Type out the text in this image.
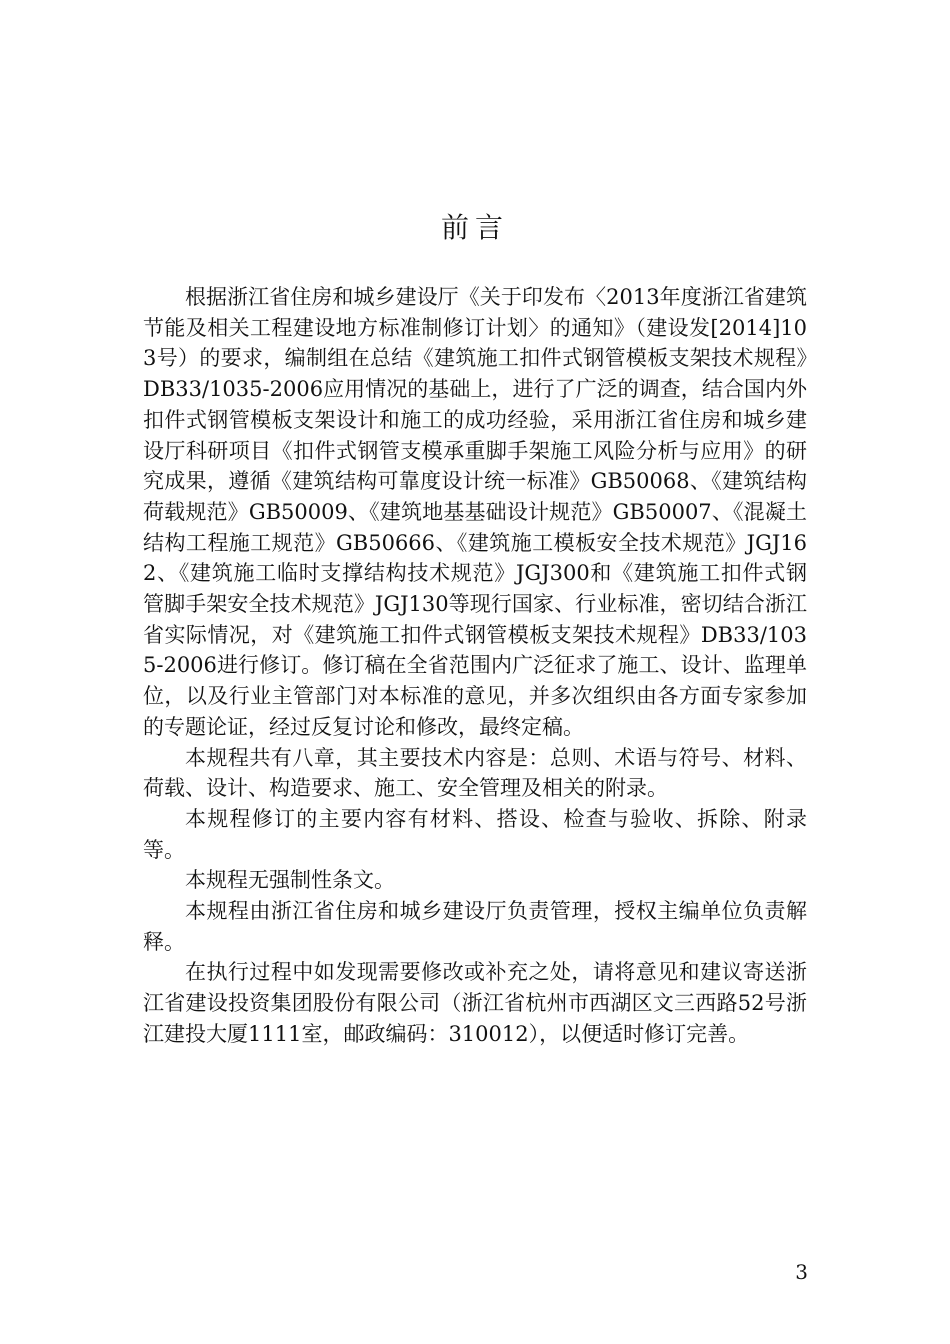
前言

根据浙江省住房和城乡建设厅《关于印发布〈2013年度浙江省建筑节能及相关工程建设地方标准制修订计划〉的通知》（建设发[2014]103号）的要求，编制组在总结《建筑施工扣件式钢管模板支架技术规程》DB33/1035-2006应用情况的基础上，进行了广泛的调查，结合国内外扣件式钢管模板支架设计和施工的成功经验，采用浙江省住房和城乡建设厅科研项目《扣件式钢管支模承重脚手架施工风险分析与应用》的研究成果，遵循《建筑结构可靠度设计统一标准》GB50068、《建筑结构荷载规范》GB50009、《建筑地基基础设计规范》GB50007、《混凝土结构工程施工规范》GB50666、《建筑施工模板安全技术规范》JGJ162、《建筑施工临时支撑结构技术规范》JGJ300和《建筑施工扣件式钢管脚手架安全技术规范》JGJ130等现行国家、行业标准，密切结合浙江省实际情况，对《建筑施工扣件式钢管模板支架技术规程》DB33/1035-2006进行修订。修订稿在全省范围内广泛征求了施工、设计、监理单位，以及行业主管部门对本标准的意见，并多次组织由各方面专家参加的专题论证，经过反复讨论和修改，最终定稿。

本规程共有八章，其主要技术内容是：总则、术语与符号、材料、荷载、设计、构造要求、施工、安全管理及相关的附录。

本规程修订的主要内容有材料、搭设、检查与验收、拆除、附录等。

本规程无强制性条文。

本规程由浙江省住房和城乡建设厅负责管理，授权主编单位负责解释。

在执行过程中如发现需要修改或补充之处，请将意见和建议寄送浙江省建设投资集团股份有限公司（浙江省杭州市西湖区文三西路52号浙江建投大厦1111室，邮政编码：310012），以便适时修订完善。

3
